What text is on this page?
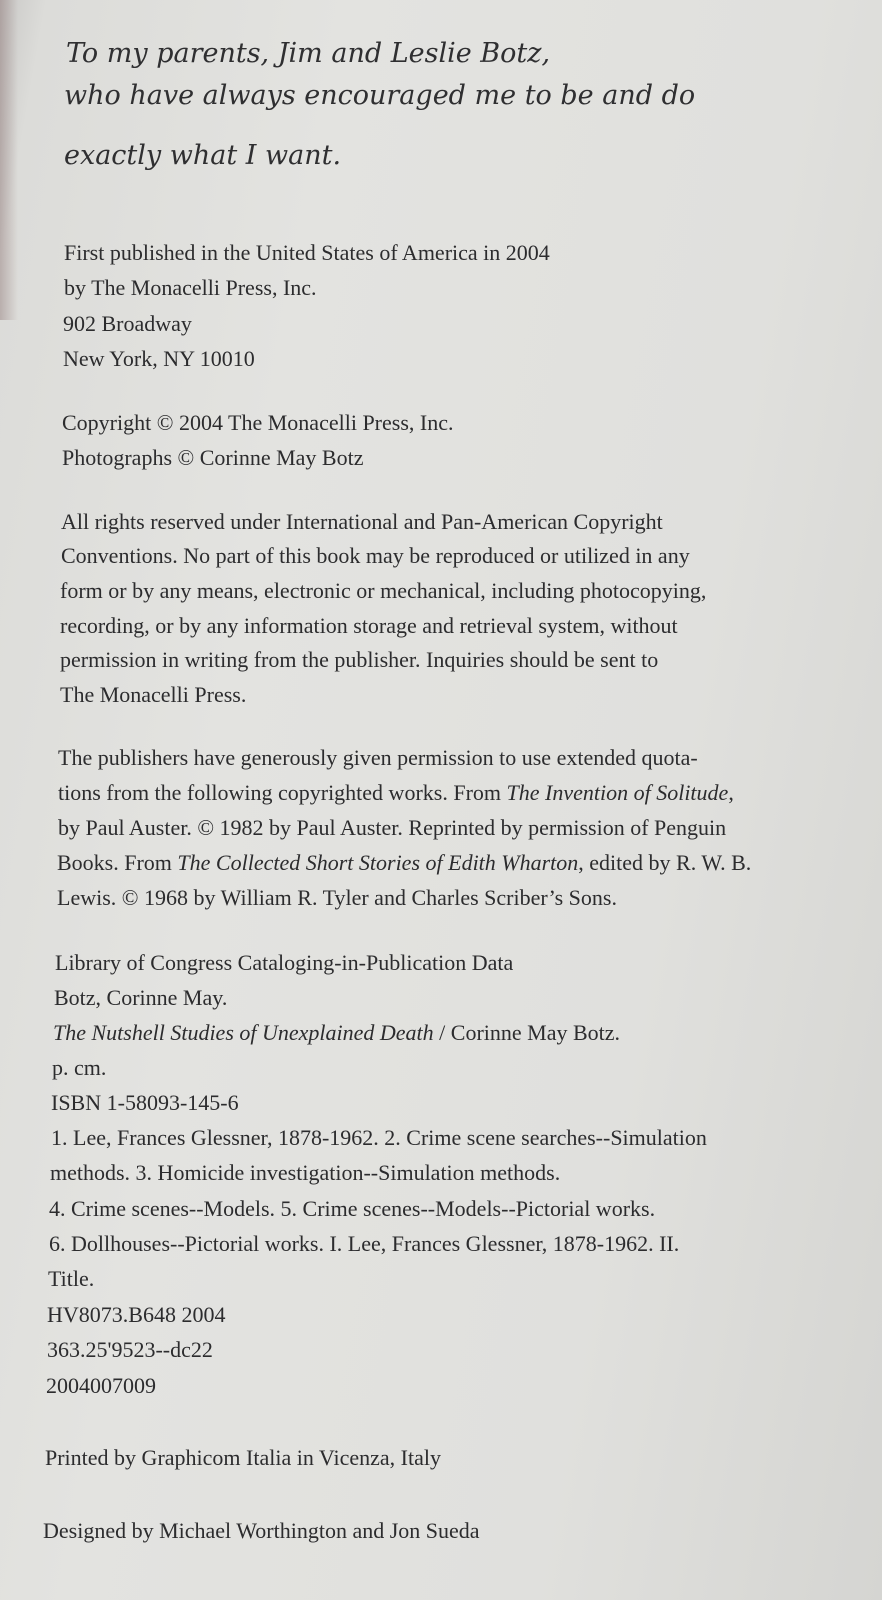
To my parents, Jim and Leslie Botz,
who have always encouraged me to be and do
exactly what I want.
First published in the United States of America in 2004
by The Monacelli Press, Inc.
902 Broadway
New York, NY 10010
Copyright © 2004 The Monacelli Press, Inc.
Photographs © Corinne May Botz
All rights reserved under International and Pan-American Copyright
Conventions. No part of this book may be reproduced or utilized in any
form or by any means, electronic or mechanical, including photocopying,
recording, or by any information storage and retrieval system, without
permission in writing from the publisher. Inquiries should be sent to
The Monacelli Press.
The publishers have generously given permission to use extended quota-
tions from the following copyrighted works. From The Invention of Solitude,
by Paul Auster. © 1982 by Paul Auster. Reprinted by permission of Penguin
Books. From The Collected Short Stories of Edith Wharton, edited by R. W. B.
Lewis. © 1968 by William R. Tyler and Charles Scriber’s Sons.
Library of Congress Cataloging-in-Publication Data
Botz, Corinne May.
The Nutshell Studies of Unexplained Death / Corinne May Botz.
p. cm.
ISBN 1-58093-145-6
1. Lee, Frances Glessner, 1878-1962. 2. Crime scene searches--Simulation
methods. 3. Homicide investigation--Simulation methods.
4. Crime scenes--Models. 5. Crime scenes--Models--Pictorial works.
6. Dollhouses--Pictorial works. I. Lee, Frances Glessner, 1878-1962. II.
Title.
HV8073.B648 2004
363.25'9523--dc22
2004007009
Printed by Graphicom Italia in Vicenza, Italy
Designed by Michael Worthington and Jon Sueda
